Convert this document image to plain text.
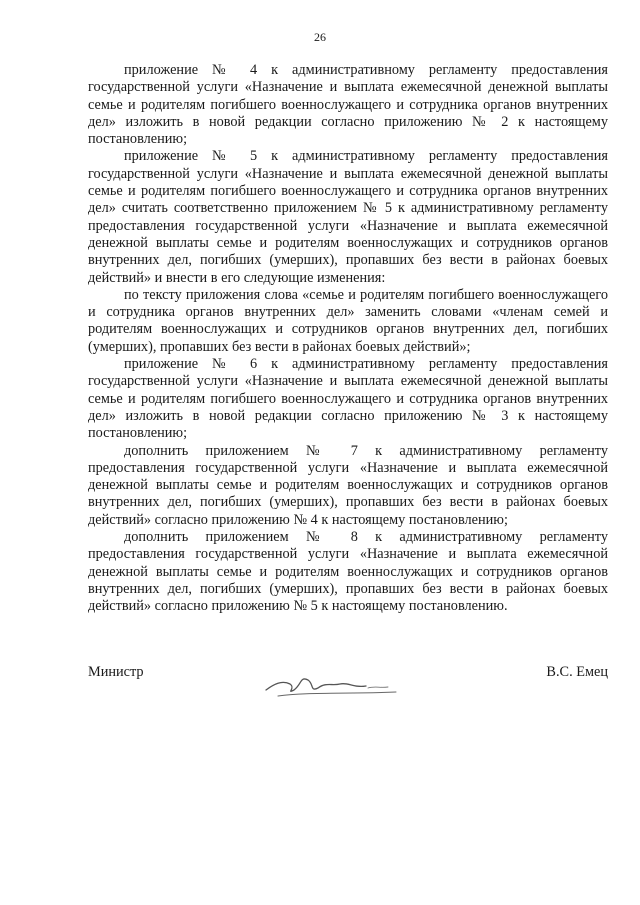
26

приложение № 4 к административному регламенту предоставления государственной услуги «Назначение и выплата ежемесячной денежной выплаты семье и родителям погибшего военнослужащего и сотрудника органов внутренних дел» изложить в новой редакции согласно приложению № 2 к настоящему постановлению;

приложение № 5 к административному регламенту предоставления государственной услуги «Назначение и выплата ежемесячной денежной выплаты семье и родителям погибшего военнослужащего и сотрудника органов внутренних дел» считать соответственно приложением № 5 к административному регламенту предоставления государственной услуги «Назначение и выплата ежемесячной денежной выплаты семье и родителям военнослужащих и сотрудников органов внутренних дел, погибших (умерших), пропавших без вести в районах боевых действий» и внести в его следующие изменения:

по тексту приложения слова «семье и родителям погибшего военнослужащего и сотрудника органов внутренних дел» заменить словами «членам семей и родителям военнослужащих и сотрудников органов внутренних дел, погибших (умерших), пропавших без вести в районах боевых действий»;

приложение № 6 к административному регламенту предоставления государственной услуги «Назначение и выплата ежемесячной денежной выплаты семье и родителям погибшего военнослужащего и сотрудника органов внутренних дел» изложить в новой редакции согласно приложению № 3 к настоящему постановлению;

дополнить приложением № 7 к административному регламенту предоставления государственной услуги «Назначение и выплата ежемесячной денежной выплаты семье и родителям военнослужащих и сотрудников органов внутренних дел, погибших (умерших), пропавших без вести в районах боевых действий» согласно приложению № 4 к настоящему постановлению;

дополнить приложением № 8 к административному регламенту предоставления государственной услуги «Назначение и выплата ежемесячной денежной выплаты семье и родителям военнослужащих и сотрудников органов внутренних дел, погибших (умерших), пропавших без вести в районах боевых действий» согласно приложению № 5 к настоящему постановлению.

Министр	В.С. Емец
